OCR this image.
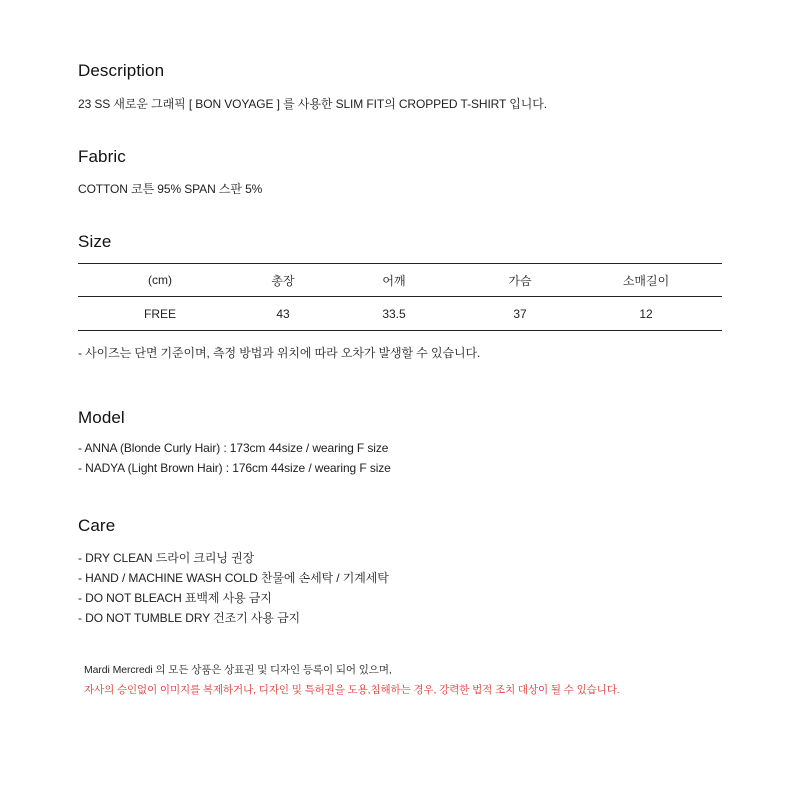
Description
23 SS 새로운 그래픽 [ BON VOYAGE ] 를 사용한 SLIM FIT의 CROPPED T-SHIRT 입니다.
Fabric
COTTON 코튼 95% SPAN 스판 5%
Size
(cm)	총장	어깨	가슴	소매길이
FREE	43	33.5	37	12
- 사이즈는 단면 기준이며, 측정 방법과 위치에 따라 오차가 발생할 수 있습니다.
Model
- ANNA (Blonde Curly Hair) : 173cm 44size / wearing F size
- NADYA (Light Brown Hair) : 176cm 44size / wearing F size
Care
- DRY CLEAN 드라이 크리닝 권장
- HAND / MACHINE WASH COLD 찬물에 손세탁 / 기계세탁
- DO NOT BLEACH 표백제 사용 금지
- DO NOT TUMBLE DRY 건조기 사용 금지
Mardi Mercredi 의 모든 상품은 상표권 및 디자인 등록이 되어 있으며,
자사의 승인없이 이미지를 복제하거나, 디자인 및 특허권을 도용,침해하는 경우, 강력한 법적 조치 대상이 될 수 있습니다.
